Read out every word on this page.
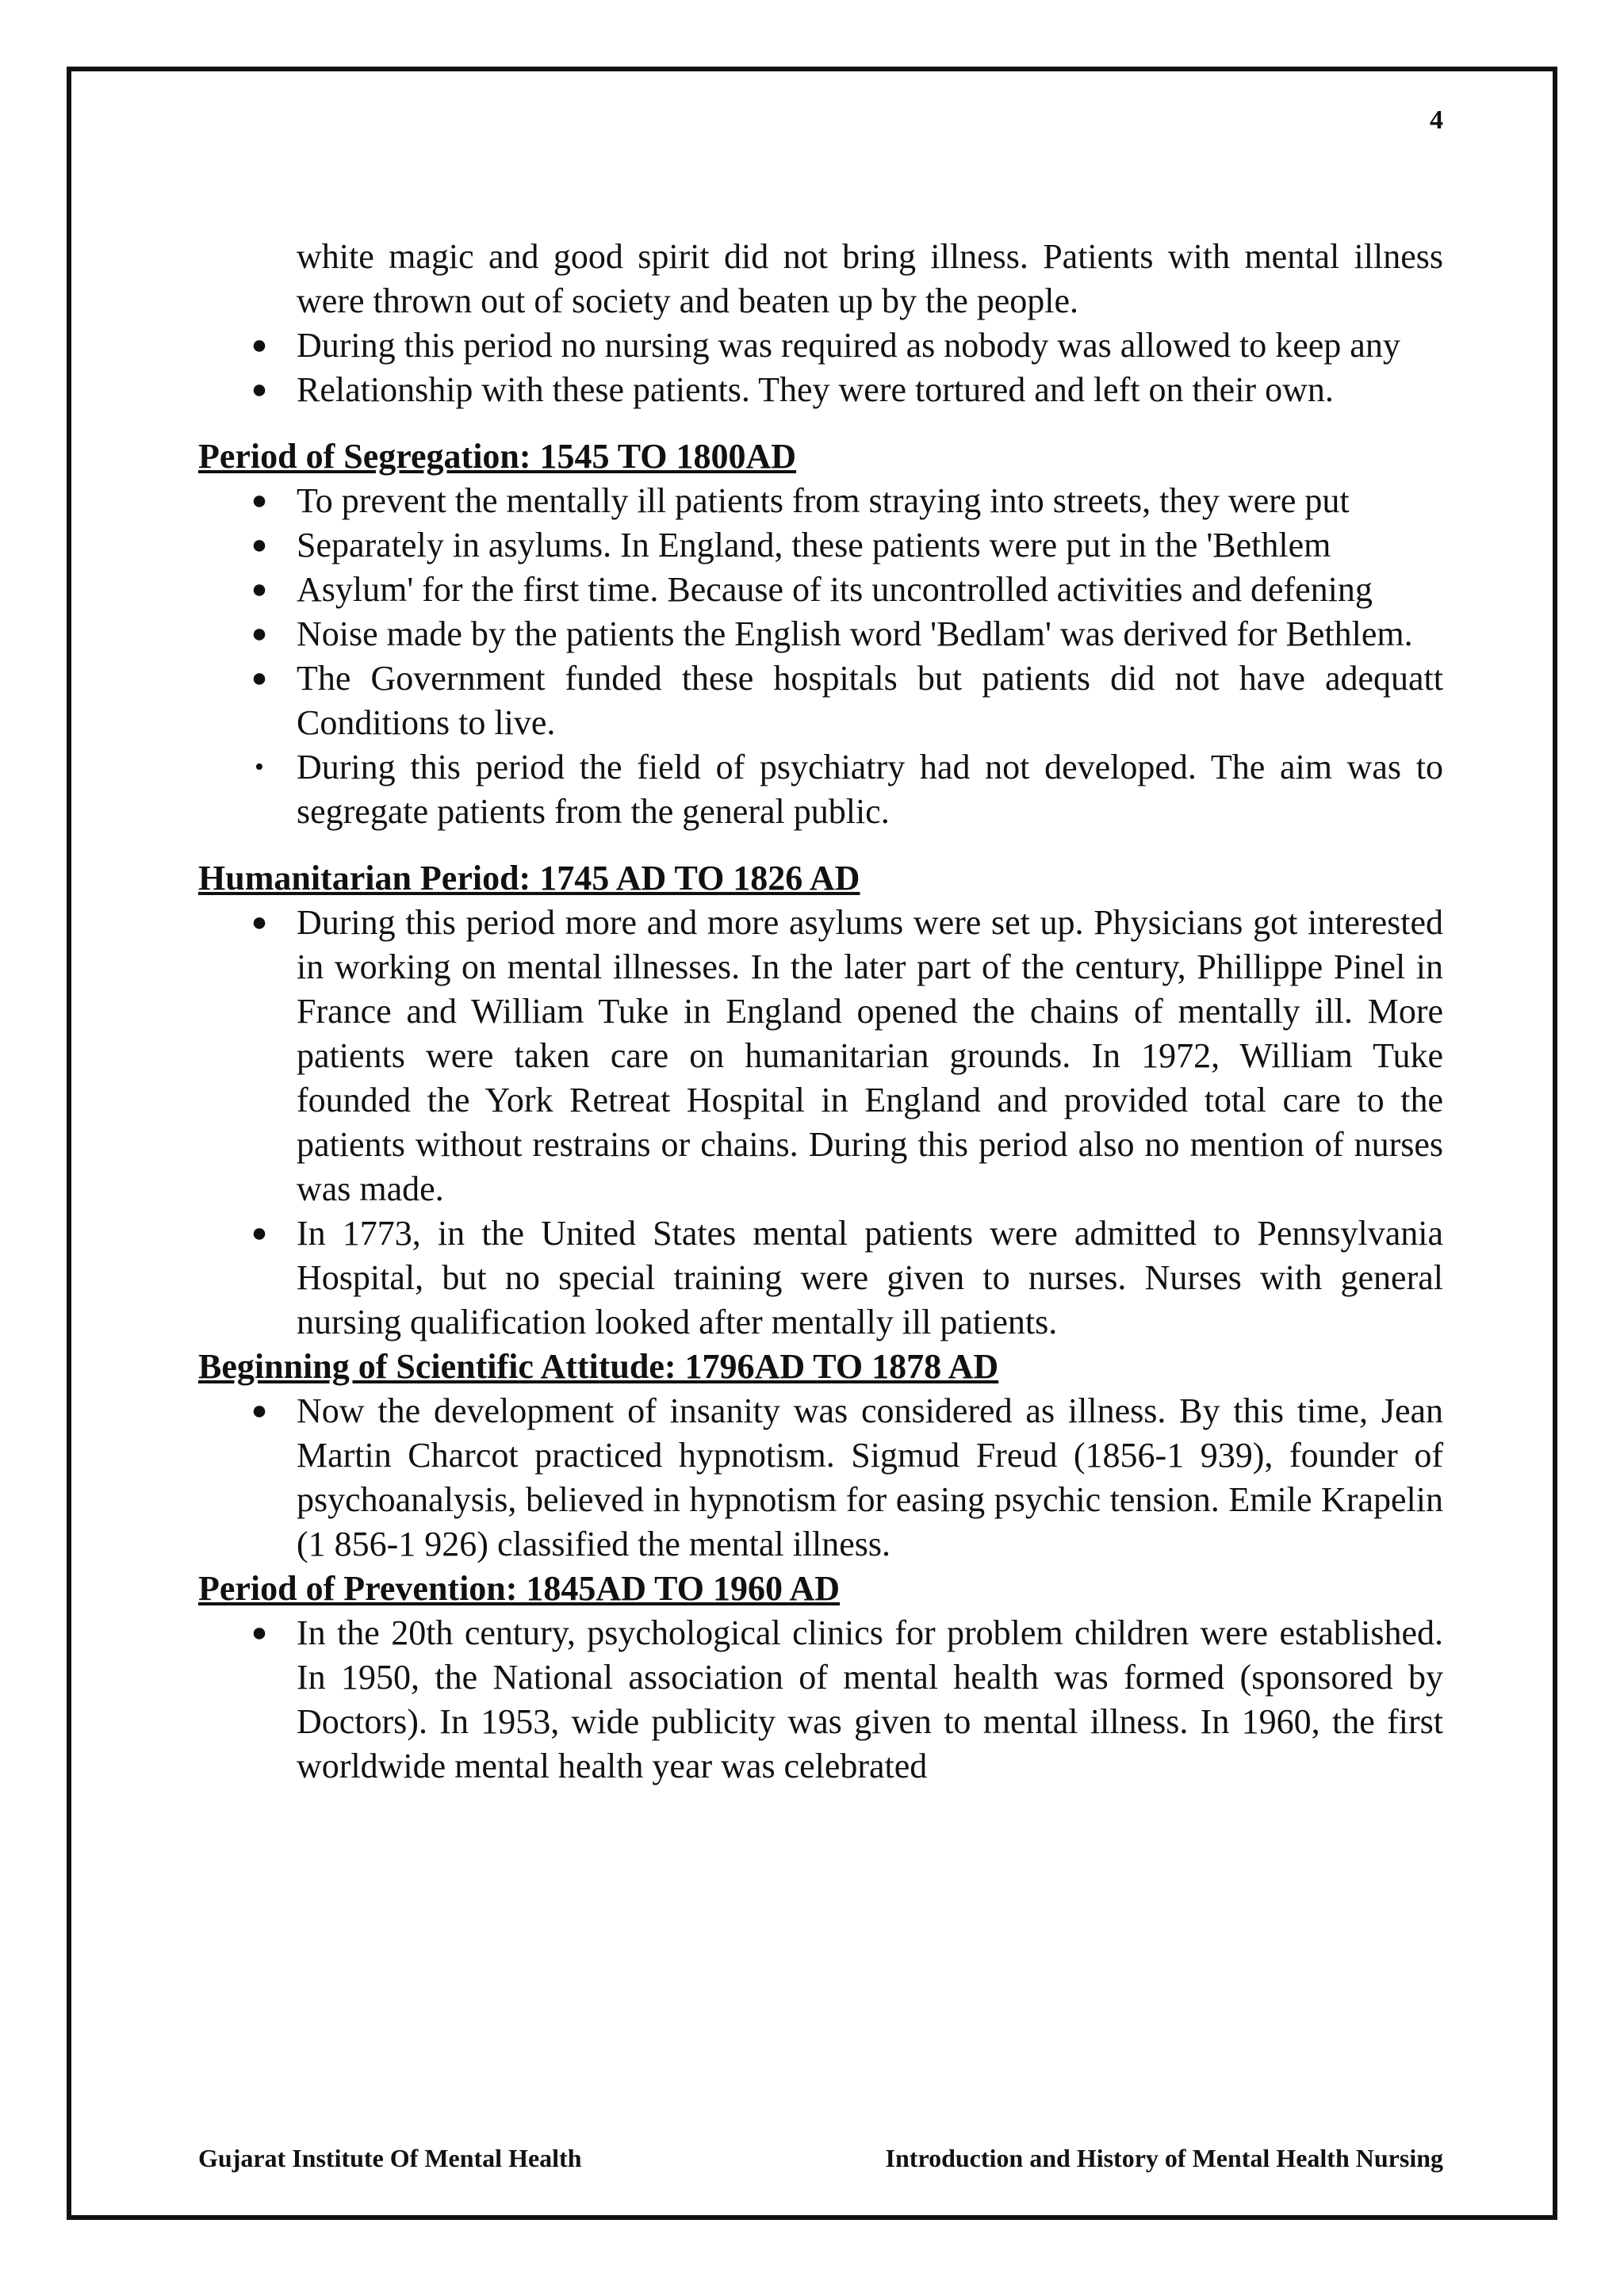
4
white magic and good spirit did not bring illness. Patients with mental illness were thrown out of society and beaten up by the people.
● During this period no nursing was required as nobody was allowed to keep any
● Relationship with these patients. They were tortured and left on their own.
Period of Segregation: 1545 TO 1800AD
● To prevent the mentally ill patients from straying into streets, they were put
● Separately in asylums. In England, these patients were put in the 'Bethlem
● Asylum' for the first time. Because of its uncontrolled activities and defening
● Noise made by the patients the English word 'Bedlam' was derived for Bethlem.
● The Government funded these hospitals but patients did not have adequatt Conditions to live.
• During this period the field of psychiatry had not developed. The aim was to segregate patients from the general public.
Humanitarian Period: 1745 AD TO 1826 AD
● During this period more and more asylums were set up. Physicians got interested in working on mental illnesses. In the later part of the century, Phillippe Pinel in France and William Tuke in England opened the chains of mentally ill. More patients were taken care on humanitarian grounds. In 1972, William Tuke founded the York Retreat Hospital in England and provided total care to the patients without restrains or chains. During this period also no mention of nurses was made.
● In 1773, in the United States mental patients were admitted to Pennsylvania Hospital, but no special training were given to nurses. Nurses with general nursing qualification looked after mentally ill patients.
Beginning of Scientific Attitude: 1796AD TO 1878 AD
● Now the development of insanity was considered as illness. By this time, Jean Martin Charcot practiced hypnotism. Sigmud Freud (1856-1 939), founder of psychoanalysis, believed in hypnotism for easing psychic tension. Emile Krapelin (1 856-1 926) classified the mental illness.
Period of Prevention: 1845AD TO 1960 AD
● In the 20th century, psychological clinics for problem children were established. In 1950, the National association of mental health was formed (sponsored by Doctors). In 1953, wide publicity was given to mental illness. In 1960, the first worldwide mental health year was celebrated
Gujarat Institute Of Mental Health	Introduction and History of Mental Health Nursing
